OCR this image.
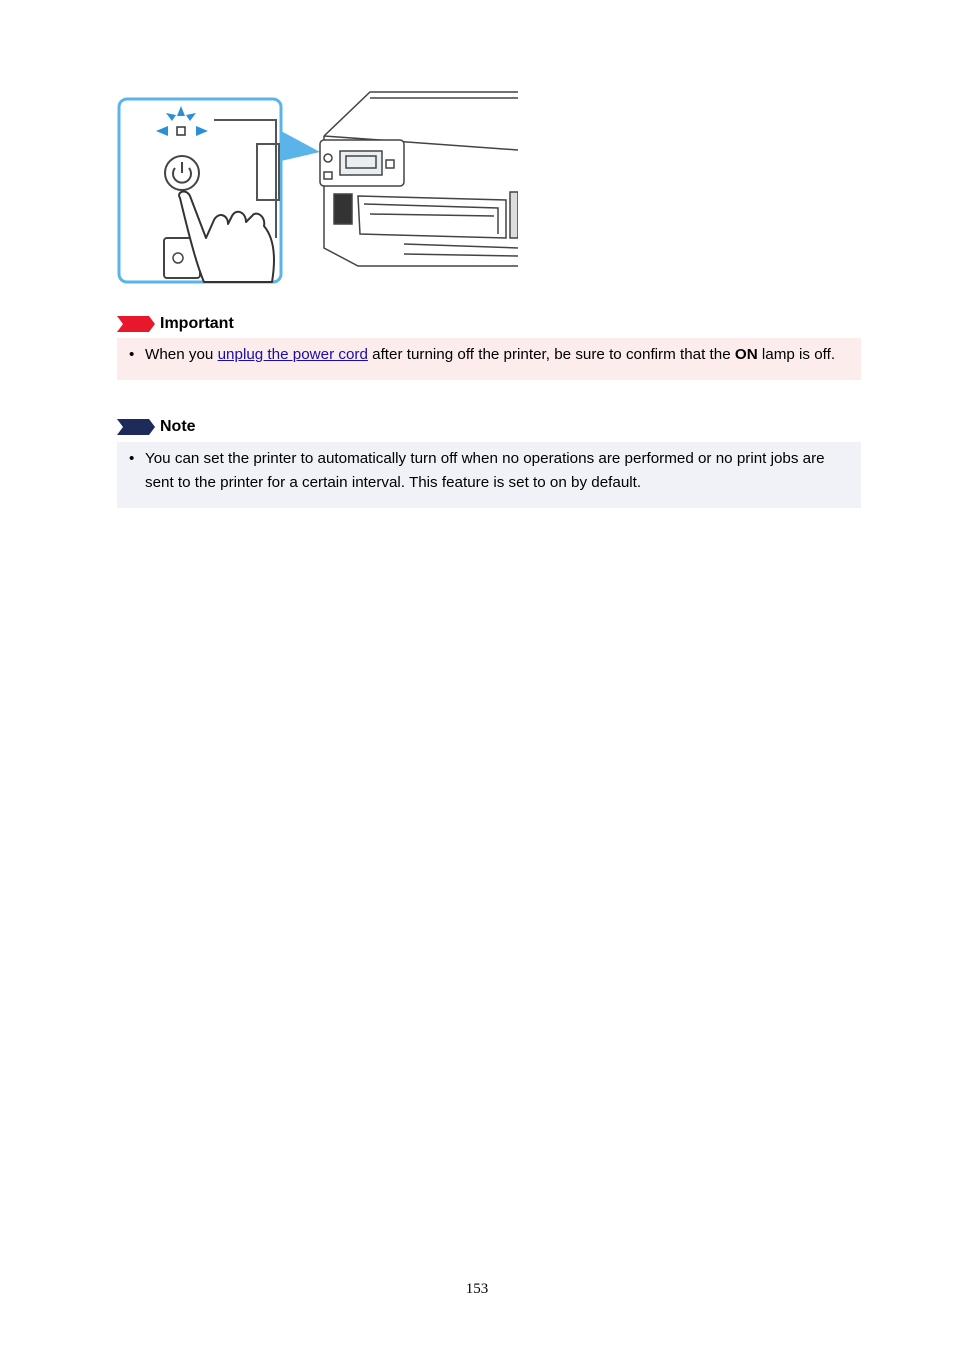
Important
• When you unplug the power cord after turning off the printer, be sure to confirm that the ON lamp is off.
Note
• You can set the printer to automatically turn off when no operations are performed or no print jobs are sent to the printer for a certain interval. This feature is set to on by default.
153
